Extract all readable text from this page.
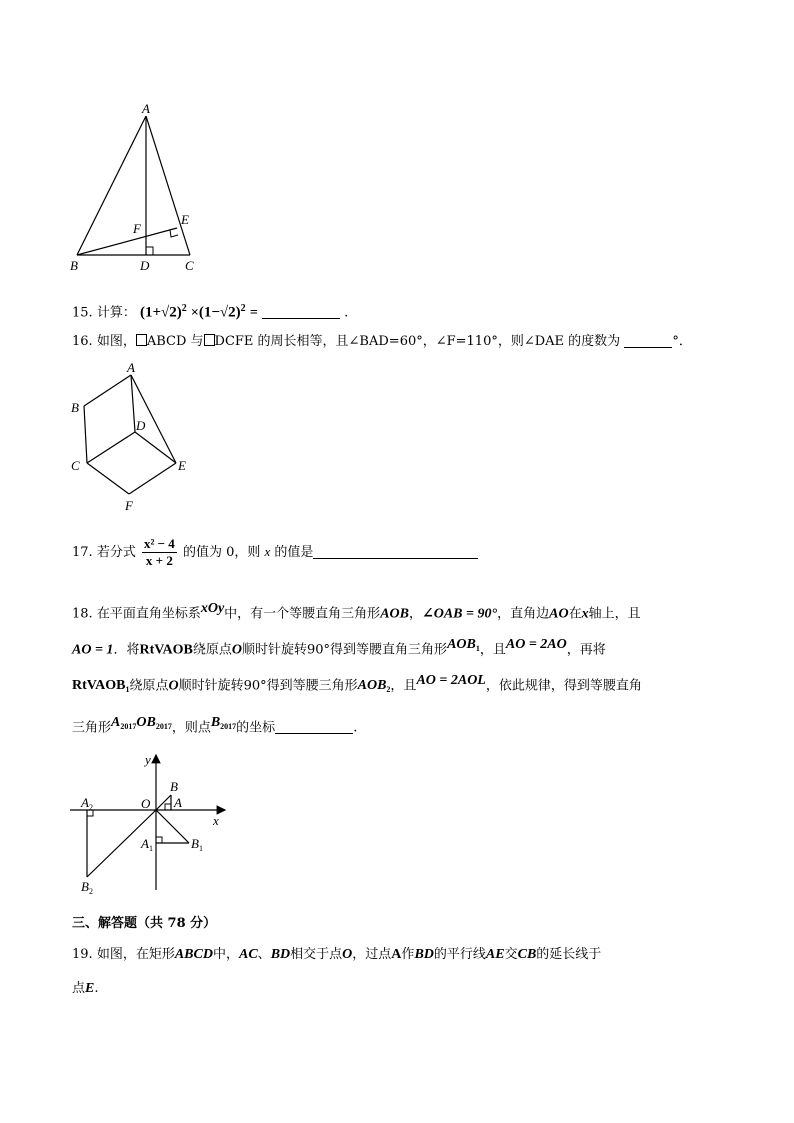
A
B	C
D
E
F
15. 计算： $(1+√2)^2 \times(1-√2)^2$ =	.
16. 如图， ABCD 与 DCFE 的周长相等，且∠BAD=60°，∠F=110°，则∠DAE 的度数为	°．
A
B
C
D
E
F
17. 若分式 $\frac{\text{x² − 4}}{x + 2}$ 的值为 0，则 x 的值是
18. 在平面直角坐标系$^{xOy}$中，有一个等腰直角三角形AOB，∠OAB = 90°，直角边AO在x轴上，且
AO = 1．将RtVAOB绕原点O顺时针旋转90°得到等腰直角三角形$^{AOB_1}$，且$^{AO = 2AO}$，再将
RtVAOB$_1$绕原点O顺时针旋转90°得到等腰三角形$AOB_2$，且$^{AO = 2AOL}$，依此规律，得到等腰直角
三角形$^{A_{2017}OB_{2017}}$，则点$^{B_{2017}}$的坐标	.
y
x
O
B
A
$A_1$	$B_1$
$A_2$
$B_2$
三、解答题（共 78 分）
19. 如图，在矩形ABCD中，AC、BD相交于点O，过点A作BD的平行线AE交CB的延长线于
点E.
